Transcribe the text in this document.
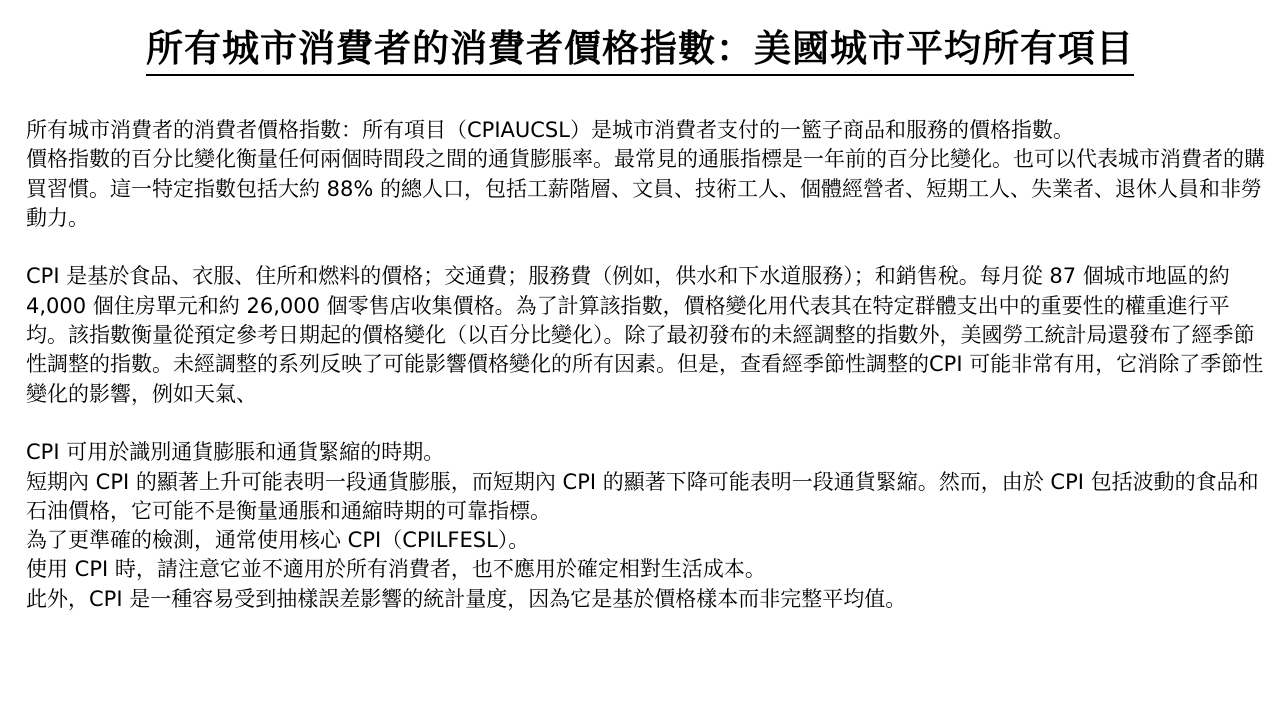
所有城市消費者的消費者價格指數：美國城市平均所有項目

所有城市消費者的消費者價格指數：所有項目（CPIAUCSL）是城市消費者支付的一籃子商品和服務的價格指數。

價格指數的百分比變化衡量任何兩個時間段之間的通貨膨脹率。最常見的通脹指標是一年前的百分比變化。也可以代表城市消費者的購買習慣。這一特定指數包括大約 88% 的總人口，包括工薪階層、文員、技術工人、個體經營者、短期工人、失業者、退休人員和非勞動力。

CPI 是基於食品、衣服、住所和燃料的價格；交通費；服務費（例如，供水和下水道服務）；和銷售稅。每月從 87 個城市地區的約 4,000 個住房單元和約 26,000 個零售店收集價格。為了計算該指數，價格變化用代表其在特定群體支出中的重要性的權重進行平均。該指數衡量從預定參考日期起的價格變化（以百分比變化）。除了最初發布的未經調整的指數外，美國勞工統計局還發布了經季節性調整的指數。未經調整的系列反映了可能影響價格變化的所有因素。但是，查看經季節性調整的CPI 可能非常有用，它消除了季節性變化的影響，例如天氣、

CPI 可用於識別通貨膨脹和通貨緊縮的時期。

短期內 CPI 的顯著上升可能表明一段通貨膨脹，而短期內 CPI 的顯著下降可能表明一段通貨緊縮。然而，由於 CPI 包括波動的食品和石油價格，它可能不是衡量通脹和通縮時期的可靠指標。

為了更準確的檢測，通常使用核心 CPI（CPILFESL）。

使用 CPI 時，請注意它並不適用於所有消費者，也不應用於確定相對生活成本。

此外，CPI 是一種容易受到抽樣誤差影響的統計量度，因為它是基於價格樣本而非完整平均值。
